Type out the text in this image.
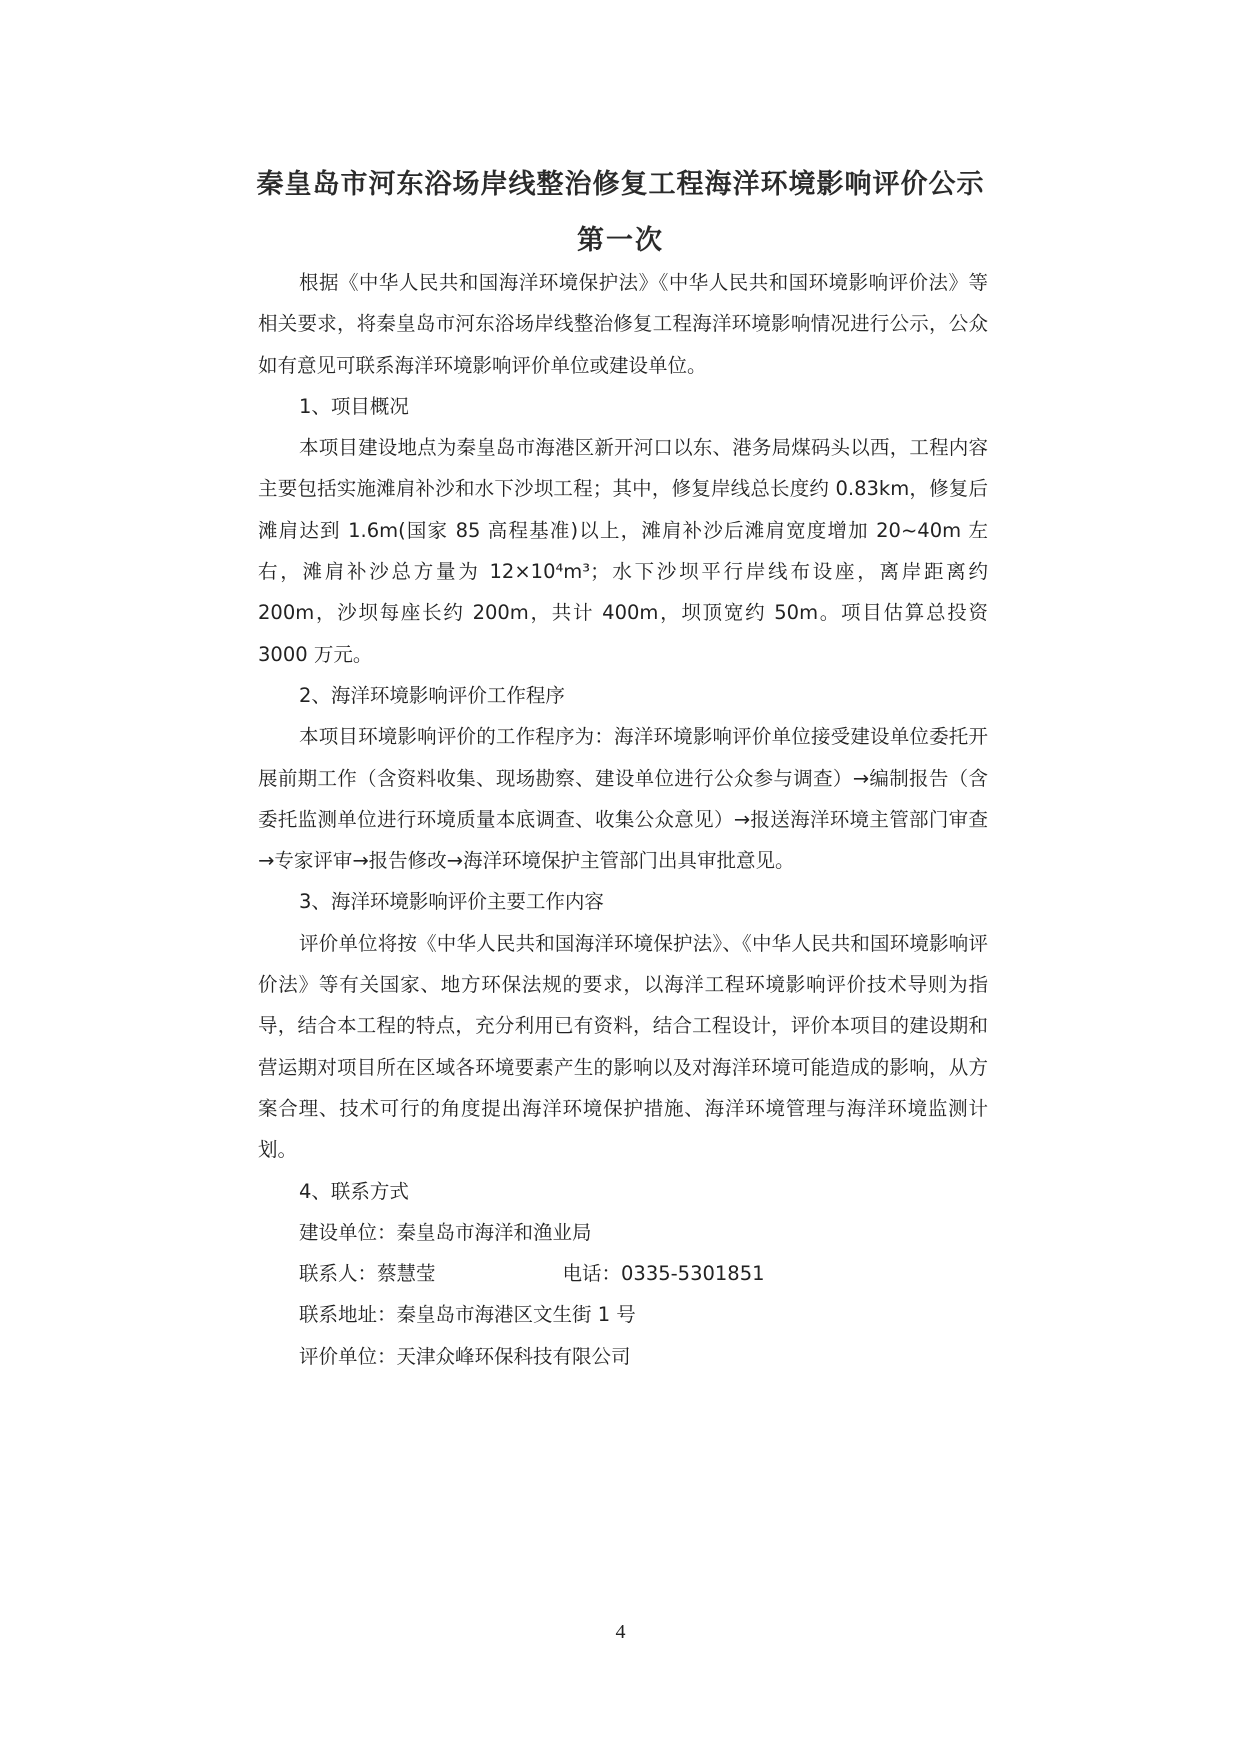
秦皇岛市河东浴场岸线整治修复工程海洋环境影响评价公示
第一次

根据《中华人民共和国海洋环境保护法》《中华人民共和国环境影响评价法》等相关要求，将秦皇岛市河东浴场岸线整治修复工程海洋环境影响情况进行公示，公众如有意见可联系海洋环境影响评价单位或建设单位。

1、项目概况

本项目建设地点为秦皇岛市海港区新开河口以东、港务局煤码头以西，工程内容主要包括实施滩肩补沙和水下沙坝工程；其中，修复岸线总长度约 0.83km，修复后滩肩达到 1.6m(国家 85 高程基准)以上，滩肩补沙后滩肩宽度增加 20~40m 左右，滩肩补沙总方量为 12×10⁴m³；水下沙坝平行岸线布设座，离岸距离约 200m，沙坝每座长约 200m，共计 400m，坝顶宽约 50m。项目估算总投资 3000 万元。

2、海洋环境影响评价工作程序

本项目环境影响评价的工作程序为：海洋环境影响评价单位接受建设单位委托开展前期工作（含资料收集、现场勘察、建设单位进行公众参与调查）→编制报告（含委托监测单位进行环境质量本底调查、收集公众意见）→报送海洋环境主管部门审查→专家评审→报告修改→海洋环境保护主管部门出具审批意见。

3、海洋环境影响评价主要工作内容

评价单位将按《中华人民共和国海洋环境保护法》、《中华人民共和国环境影响评价法》等有关国家、地方环保法规的要求，以海洋工程环境影响评价技术导则为指导，结合本工程的特点，充分利用已有资料，结合工程设计，评价本项目的建设期和营运期对项目所在区域各环境要素产生的影响以及对海洋环境可能造成的影响，从方案合理、技术可行的角度提出海洋环境保护措施、海洋环境管理与海洋环境监测计划。

4、联系方式

建设单位：秦皇岛市海洋和渔业局

联系人：蔡慧莹	电话：0335-5301851

联系地址：秦皇岛市海港区文生街 1 号

评价单位：天津众峰环保科技有限公司

4
